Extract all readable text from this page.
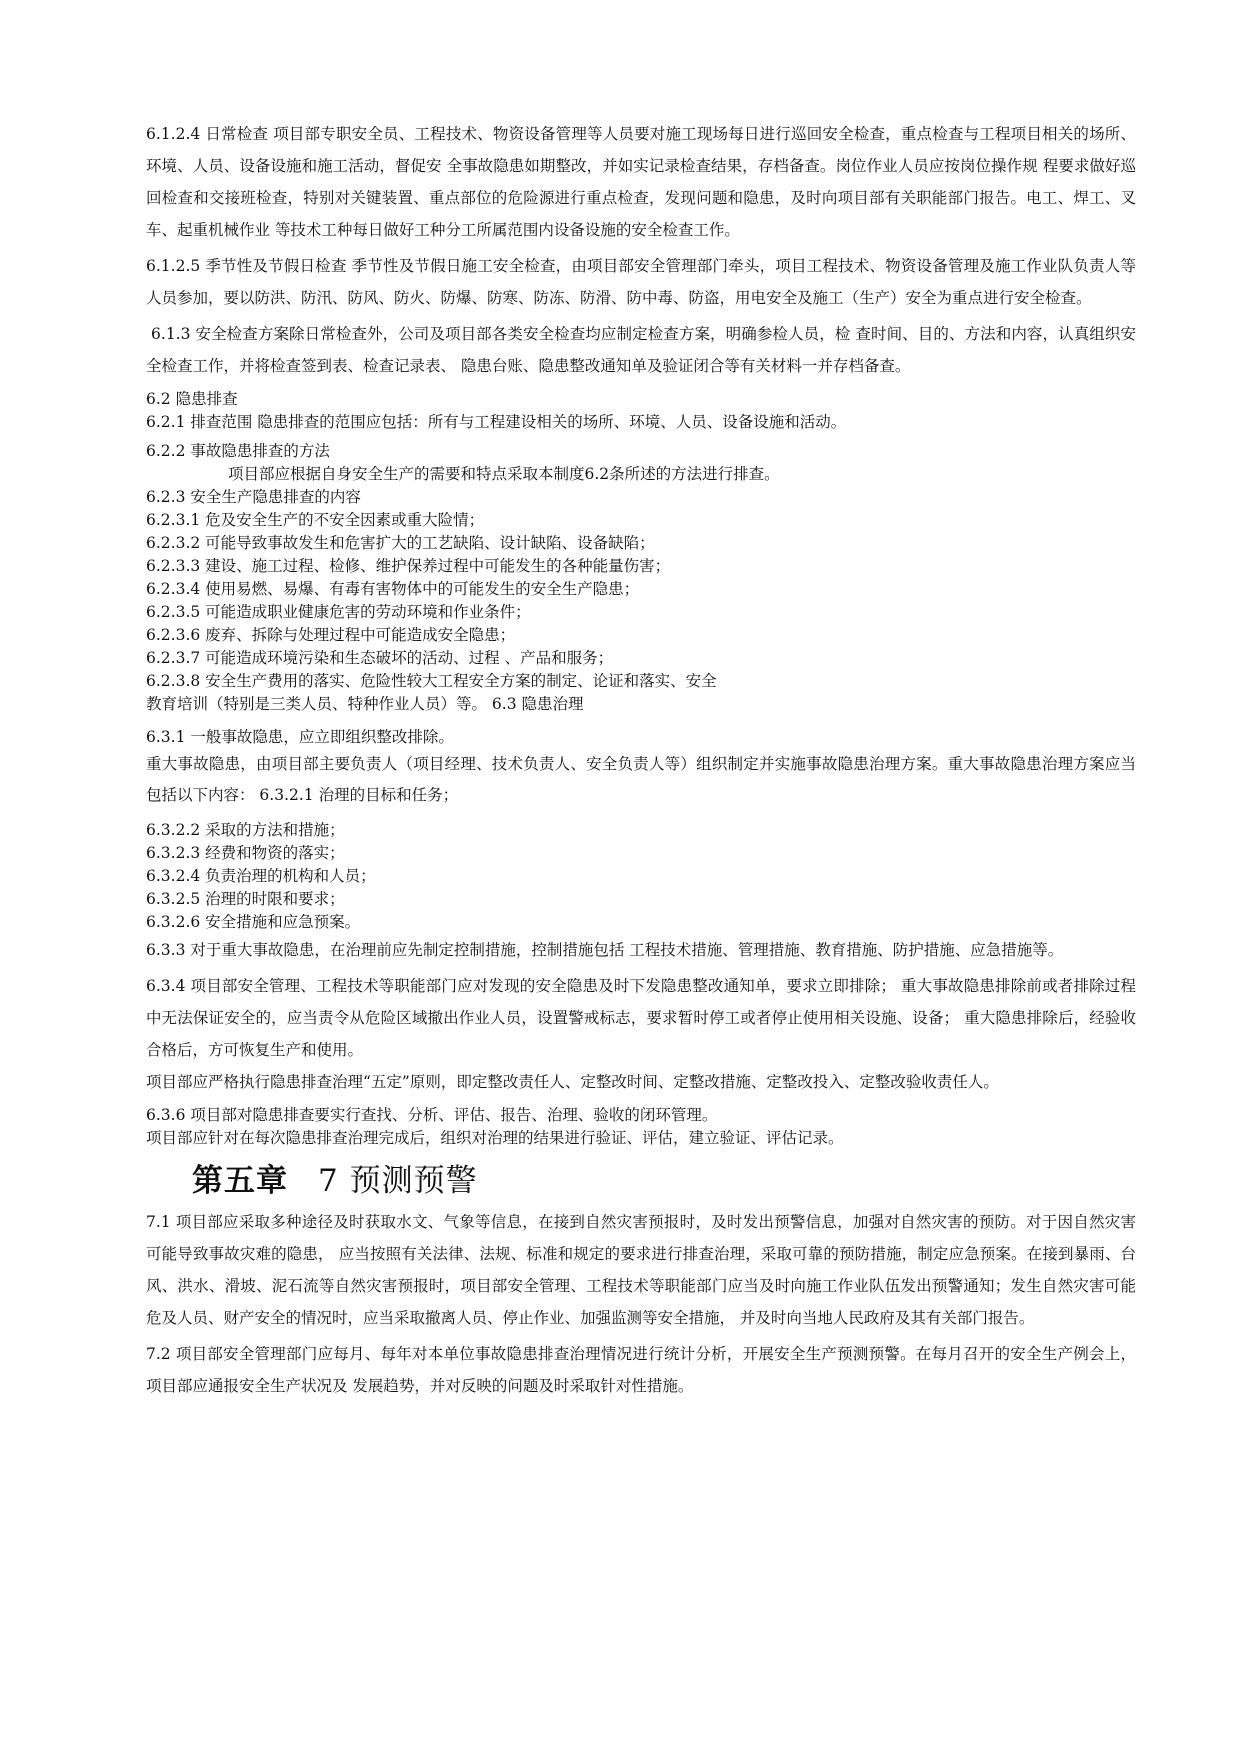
6.1.2.4 日常检查 项目部专职安全员、工程技术、物资设备管理等人员要对施工现场每日进行巡回安全检查，重点检查与工程项目相关的场所、环境、人员、设备设施和施工活动，督促安 全事故隐患如期整改，并如实记录检查结果，存档备查。岗位作业人员应按岗位操作规 程要求做好巡回检查和交接班检查，特别对关键装置、重点部位的危险源进行重点检查，发现问题和隐患，及时向项目部有关职能部门报告。电工、焊工、叉车、起重机械作业 等技术工种每日做好工种分工所属范围内设备设施的安全检查工作。

6.1.2.5 季节性及节假日检查 季节性及节假日施工安全检查，由项目部安全管理部门牵头，项目工程技术、物资设备管理及施工作业队负责人等人员参加，要以防洪、防汛、防风、防火、防爆、防寒、防冻、防滑、防中毒、防盗，用电安全及施工（生产）安全为重点进行安全检查。

6.1.3 安全检查方案除日常检查外，公司及项目部各类安全检查均应制定检查方案，明确参检人员，检 查时间、目的、方法和内容，认真组织安全检查工作，并将检查签到表、检查记录表、 隐患台账、隐患整改通知单及验证闭合等有关材料一并存档备查。

6.2 隐患排查

6.2.1 排查范围 隐患排查的范围应包括：所有与工程建设相关的场所、环境、人员、设备设施和活动。

6.2.2 事故隐患排查的方法

项目部应根据自身安全生产的需要和特点采取本制度6.2条所述的方法进行排查。

6.2.3 安全生产隐患排查的内容

6.2.3.1 危及安全生产的不安全因素或重大险情；

6.2.3.2 可能导致事故发生和危害扩大的工艺缺陷、设计缺陷、设备缺陷；

6.2.3.3 建设、施工过程、检修、维护保养过程中可能发生的各种能量伤害；

6.2.3.4 使用易燃、易爆、有毒有害物体中的可能发生的安全生产隐患；

6.2.3.5 可能造成职业健康危害的劳动环境和作业条件；

6.2.3.6 废弃、拆除与处理过程中可能造成安全隐患；

6.2.3.7 可能造成环境污染和生态破坏的活动、过程 、产品和服务；

6.2.3.8 安全生产费用的落实、危险性较大工程安全方案的制定、论证和落实、安全

教育培训（特别是三类人员、特种作业人员）等。 6.3 隐患治理

6.3.1 一般事故隐患，应立即组织整改排除。

重大事故隐患，由项目部主要负责人（项目经理、技术负责人、安全负责人等）组织制定并实施事故隐患治理方案。重大事故隐患治理方案应当包括以下内容： 6.3.2.1 治理的目标和任务；

6.3.2.2 采取的方法和措施；

6.3.2.3 经费和物资的落实；

6.3.2.4 负责治理的机构和人员；

6.3.2.5 治理的时限和要求；

6.3.2.6 安全措施和应急预案。

6.3.3 对于重大事故隐患，在治理前应先制定控制措施，控制措施包括 工程技术措施、管理措施、教育措施、防护措施、应急措施等。

6.3.4 项目部安全管理、工程技术等职能部门应对发现的安全隐患及时下发隐患整改通知单，要求立即排除； 重大事故隐患排除前或者排除过程中无法保证安全的，应当责令从危险区域撤出作业人员，设置警戒标志，要求暂时停工或者停止使用相关设施、设备； 重大隐患排除后，经验收合格后，方可恢复生产和使用。

项目部应严格执行隐患排查治理“五定”原则，即定整改责任人、定整改时间、定整改措施、定整改投入、定整改验收责任人。

6.3.6 项目部对隐患排查要实行查找、分析、评估、报告、治理、验收的闭环管理。

项目部应针对在每次隐患排查治理完成后，组织对治理的结果进行验证、评估，建立验证、评估记录。

第五章 7 预测预警

7.1 项目部应采取多种途径及时获取水文、气象等信息，在接到自然灾害预报时，及时发出预警信息，加强对自然灾害的预防。对于因自然灾害可能导致事故灾难的隐患， 应当按照有关法律、法规、标准和规定的要求进行排查治理，采取可靠的预防措施，制定应急预案。在接到暴雨、台风、洪水、滑坡、泥石流等自然灾害预报时，项目部安全管理、工程技术等职能部门应当及时向施工作业队伍发出预警通知；发生自然灾害可能危及人员、财产安全的情况时，应当采取撤离人员、停止作业、加强监测等安全措施， 并及时向当地人民政府及其有关部门报告。

7.2 项目部安全管理部门应每月、每年对本单位事故隐患排查治理情况进行统计分析，开展安全生产预测预警。在每月召开的安全生产例会上，项目部应通报安全生产状况及 发展趋势，并对反映的问题及时采取针对性措施。
